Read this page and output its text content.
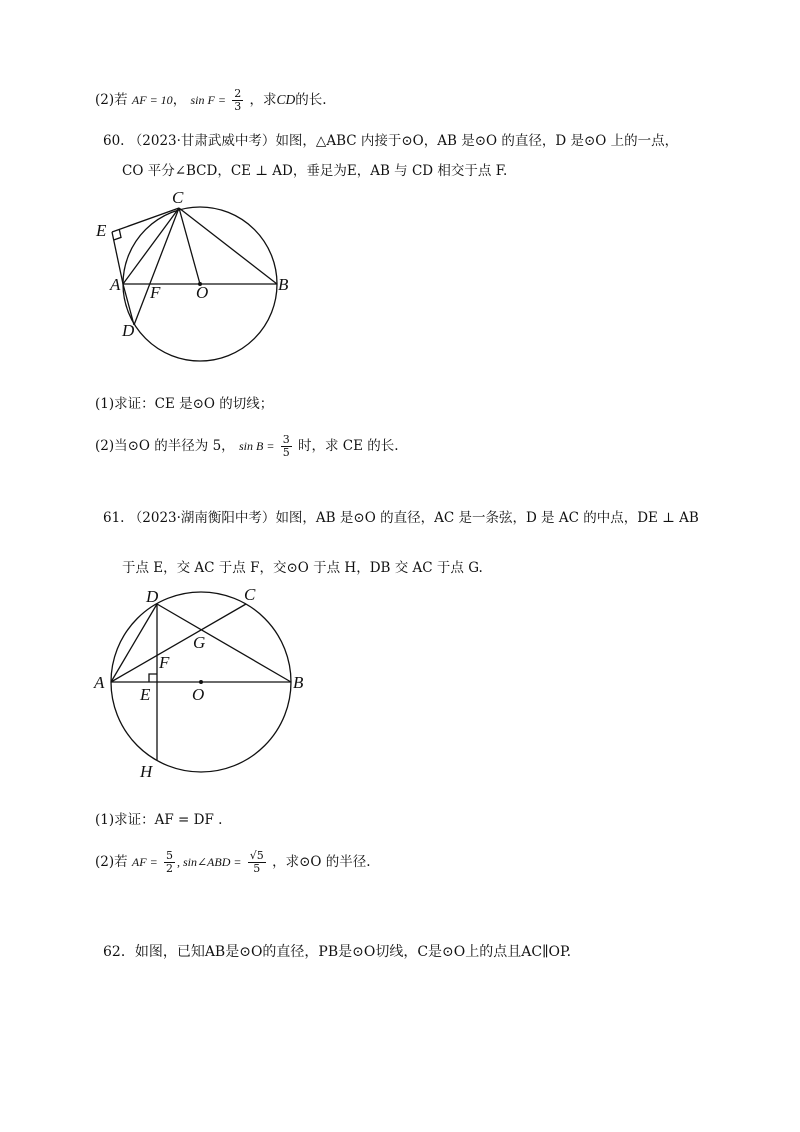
(2)若 AF = 10， $\sin F = \frac{2}{3}$ ，求CD的长.
60. （2023·甘肃武威中考）如图，△ABC 内接于⊙O，AB 是⊙O 的直径，D 是⊙O 上的一点，
CO 平分∠BCD，CE ⊥ AD，垂足为E，AB 与 CD 相交于点 F.
C
E
A F O	B
D
(1)求证：CE 是⊙O 的切线；
(2)当⊙O 的半径为 5， $\sin B = \frac{3}{5}$ 时，求 CE 的长.
61. （2023·湖南衡阳中考）如图，AB 是⊙O 的直径，AC 是一条弦，D 是 AC 的中点，DE ⊥ AB
于点 E，交 AC 于点 F，交⊙O 于点 H，DB 交 AC 于点 G.
D	C
G
F
A
E O
B
H
(1)求证：AF = DF .
(2)若 AF = $\frac{5}{2}$ , sin∠ABD = $\frac{√5}{5}$ ，求⊙O 的半径.
62．如图，已知AB是⊙O的直径，PB是⊙O切线，C是⊙O上的点且AC∥OP.
